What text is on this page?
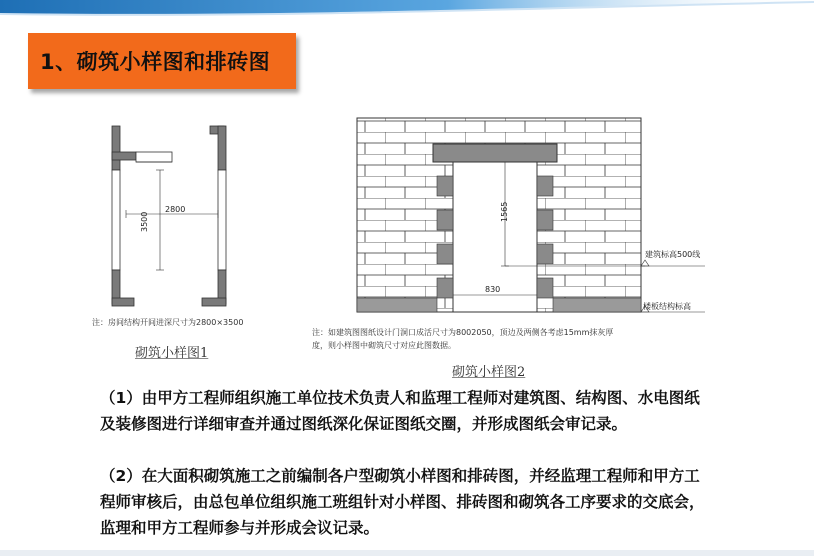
1、砌筑小样图和排砖图
2800
3500
注：房间结构开间进深尺寸为2800×3500
砌筑小样图1
1565
830
建筑标高500线
楼板结构标高
注：如建筑图图纸设计门洞口成活尺寸为8002050，顶边及两侧各考虑15mm抹灰厚
度，则小样图中砌筑尺寸对应此图数据。
砌筑小样图2
（1）由甲方工程师组织施工单位技术负责人和监理工程师对建筑图、结构图、水电图纸及装修图进行详细审查并通过图纸深化保证图纸交圈，并形成图纸会审记录。
（2）在大面积砌筑施工之前编制各户型砌筑小样图和排砖图，并经监理工程师和甲方工程师审核后，由总包单位组织施工班组针对小样图、排砖图和砌筑各工序要求的交底会，监理和甲方工程师参与并形成会议记录。
